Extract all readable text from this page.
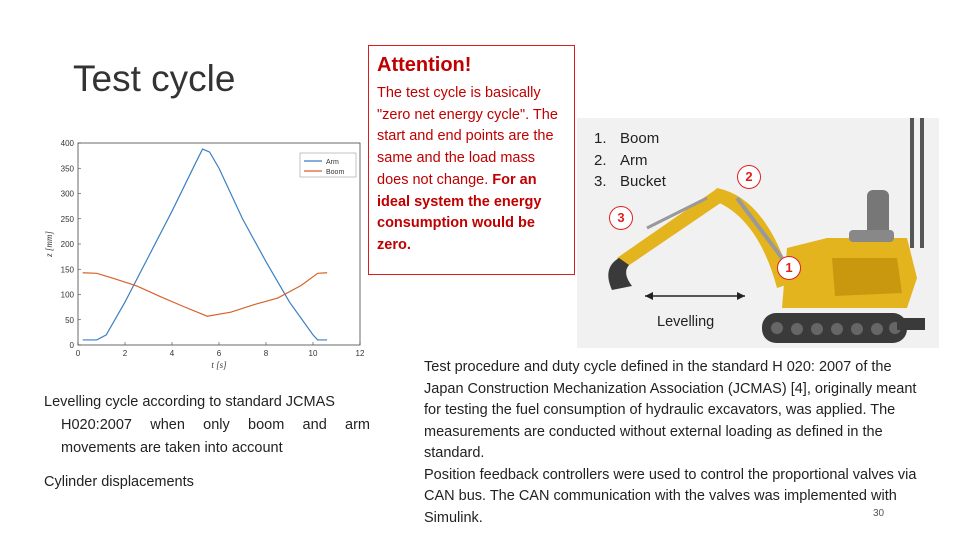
Test cycle	Attention!
The test cycle is basically "zero net energy cycle". The start and end points are the same and the load mass does not change. For an ideal system the energy consumption would be zero.
0	2	4	6	8	10	12
0
50
100
150
200
250
300
350
400
t [s]
z [mm]
Arm
Boom
Levelling cycle according to standard JCMAS
H020:2007 when only boom and arm movements are taken into account
Cylinder displacements
1. Boom
2. Arm
3. Bucket
1
2
3
Levelling
Test procedure and duty cycle defined in the standard H 020: 2007 of the Japan Construction Mechanization Association (JCMAS) [4], originally meant for testing the fuel consumption of hydraulic excavators, was applied. The measurements are conducted without external loading as defined in the standard.
Position feedback controllers were used to control the proportional valves via CAN bus. The CAN communication with the valves was implemented with Simulink.	30
